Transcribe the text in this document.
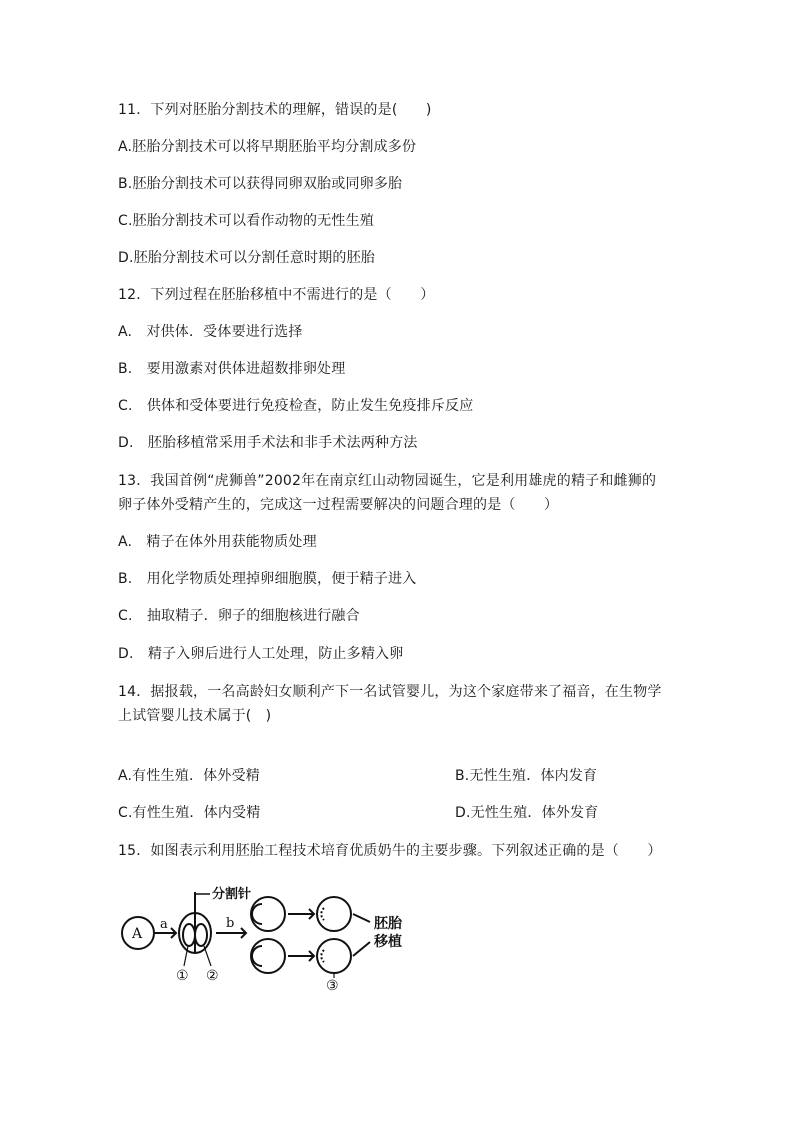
11．下列对胚胎分割技术的理解，错误的是(　　)
A.胚胎分割技术可以将早期胚胎平均分割成多份
B.胚胎分割技术可以获得同卵双胎或同卵多胎
C.胚胎分割技术可以看作动物的无性生殖
D.胚胎分割技术可以分割任意时期的胚胎
12．下列过程在胚胎移植中不需进行的是（　　）
A.　对供体．受体要进行选择
B.　要用激素对供体进超数排卵处理
C.　供体和受体要进行免疫检查，防止发生免疫排斥反应
D.　胚胎移植常采用手术法和非手术法两种方法
13．我国首例“虎狮兽”2002年在南京红山动物园诞生，它是利用雄虎的精子和雌狮的
卵子体外受精产生的，完成这一过程需要解决的问题合理的是（　　）
A.　精子在体外用获能物质处理
B.　用化学物质处理掉卵细胞膜，便于精子进入
C.　抽取精子．卵子的细胞核进行融合
D.　精子入卵后进行人工处理，防止多精入卵
14．据报载，一名高龄妇女顺利产下一名试管婴儿，为这个家庭带来了福音，在生物学
上试管婴儿技术属于(　)
A.有性生殖．体外受精	B.无性生殖．体内发育
C.有性生殖．体内受精	D.无性生殖．体外发育
15．如图表示利用胚胎工程技术培育优质奶牛的主要步骤。下列叙述正确的是（　　）
分割针
A
a	b
① ②
③
胚胎
移植
